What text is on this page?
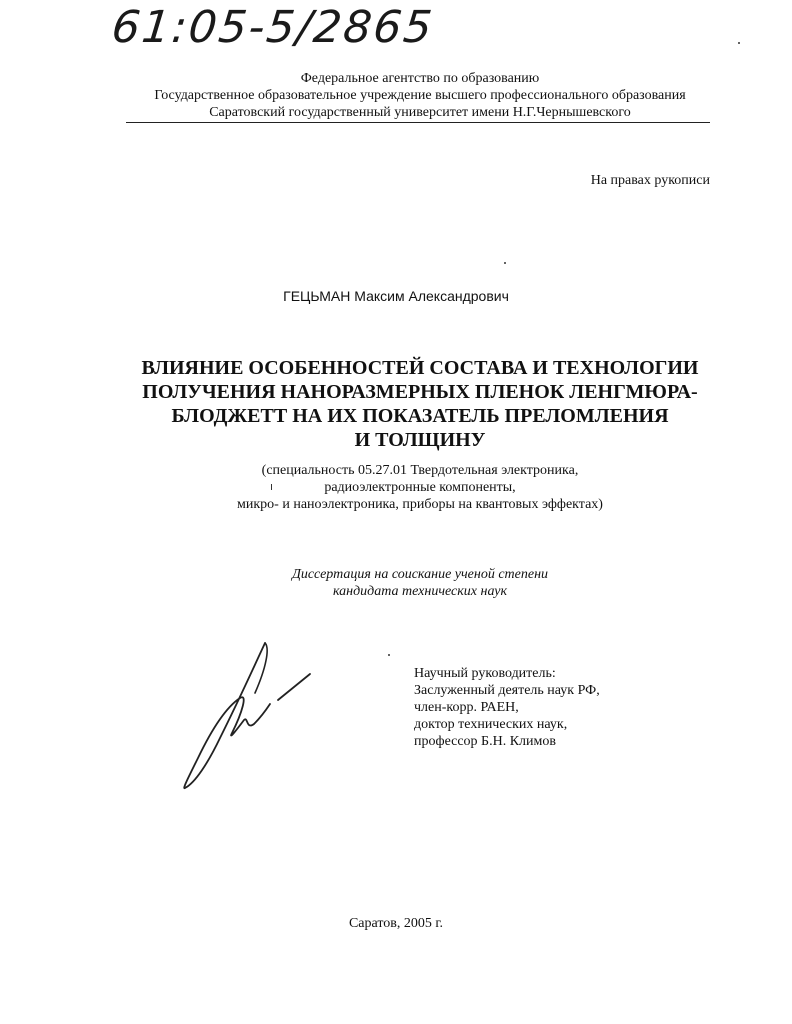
61:05-5/2865
Федеральное агентство по образованию
Государственное образовательное учреждение высшего профессионального образования
Саратовский государственный университет имени Н.Г.Чернышевского
На правах рукописи
ГЕЦЬМАН Максим Александрович
ВЛИЯНИЕ ОСОБЕННОСТЕЙ СОСТАВА И ТЕХНОЛОГИИ
ПОЛУЧЕНИЯ НАНОРАЗМЕРНЫХ ПЛЕНОК ЛЕНГМЮРА-
БЛОДЖЕТТ НА ИХ ПОКАЗАТЕЛЬ ПРЕЛОМЛЕНИЯ
И ТОЛЩИНУ
(специальность 05.27.01 Твердотельная электроника,
радиоэлектронные компоненты,
микро- и наноэлектроника, приборы на квантовых эффектах)
Диссертация на соискание ученой степени
кандидата технических наук
Научный руководитель:
Заслуженный деятель наук РФ,
член-корр. РАЕН,
доктор технических наук,
профессор Б.Н. Климов
Саратов, 2005 г.
